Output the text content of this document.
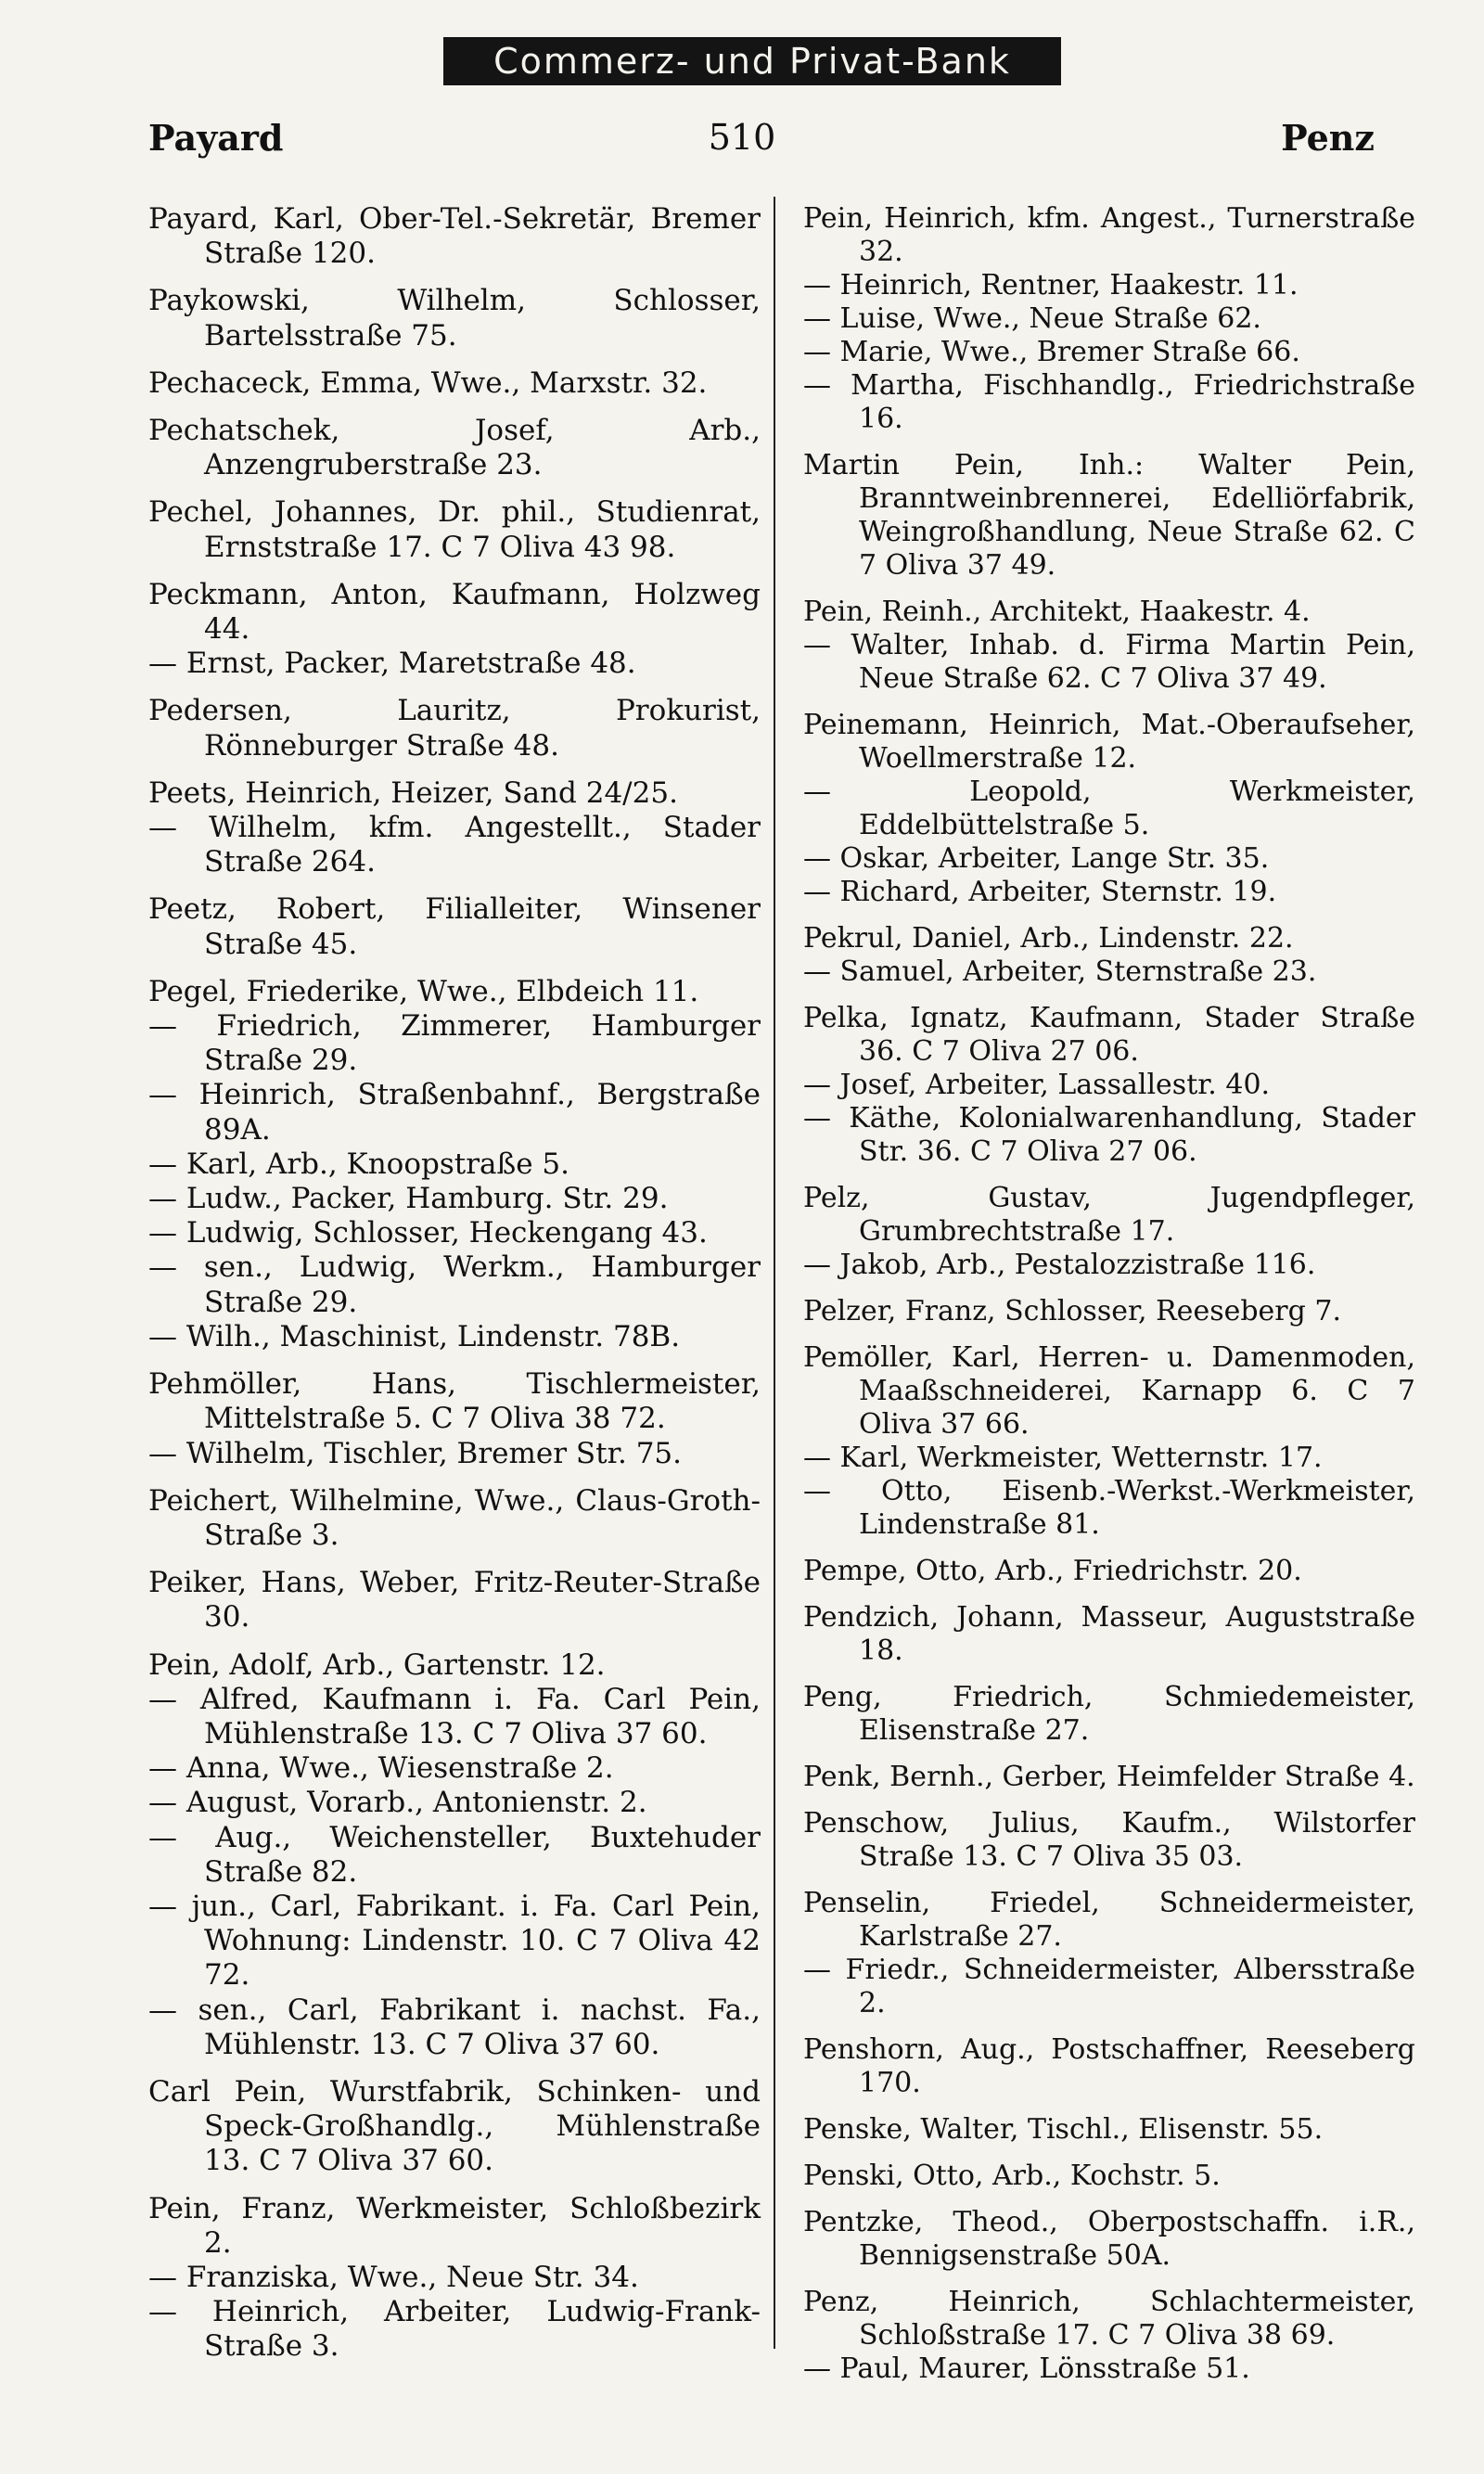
Commerz- und Privat-Bank
Payard	510	Penz

Payard, Karl, Ober-Tel.-Sekretär, Bremer Straße 120.

Paykowski, Wilhelm, Schlosser, Bartelsstraße 75.

Pechaceck, Emma, Wwe., Marxstr. 32.

Pechatschek, Josef, Arb., Anzengruberstraße 23.

Pechel, Johannes, Dr. phil., Studienrat, Ernststraße 17. C 7 Oliva 43 98.

Peckmann, Anton, Kaufmann, Holzweg 44.

— Ernst, Packer, Maretstraße 48.

Pedersen, Lauritz, Prokurist, Rönneburger Straße 48.

Peets, Heinrich, Heizer, Sand 24/25.

— Wilhelm, kfm. Angestellt., Stader Straße 264.

Peetz, Robert, Filialleiter, Winsener Straße 45.

Pegel, Friederike, Wwe., Elbdeich 11.

— Friedrich, Zimmerer, Hamburger Straße 29.

— Heinrich, Straßenbahnf., Bergstraße 89A.

— Karl, Arb., Knoopstraße 5.

— Ludw., Packer, Hamburg. Str. 29.

— Ludwig, Schlosser, Heckengang 43.

— sen., Ludwig, Werkm., Hamburger Straße 29.

— Wilh., Maschinist, Lindenstr. 78B.

Pehmöller, Hans, Tischlermeister, Mittelstraße 5. C 7 Oliva 38 72.

— Wilhelm, Tischler, Bremer Str. 75.

Peichert, Wilhelmine, Wwe., Claus-Groth-Straße 3.

Peiker, Hans, Weber, Fritz-Reuter-Straße 30.

Pein, Adolf, Arb., Gartenstr. 12.

— Alfred, Kaufmann i. Fa. Carl Pein, Mühlenstraße 13. C 7 Oliva 37 60.

— Anna, Wwe., Wiesenstraße 2.

— August, Vorarb., Antonienstr. 2.

— Aug., Weichensteller, Buxtehuder Straße 82.

— jun., Carl, Fabrikant. i. Fa. Carl Pein, Wohnung: Lindenstr. 10. C 7 Oliva 42 72.

— sen., Carl, Fabrikant i. nachst. Fa., Mühlenstr. 13. C 7 Oliva 37 60.

Carl Pein, Wurstfabrik, Schinken- und Speck-Großhandlg., Mühlenstraße 13. C 7 Oliva 37 60.

Pein, Franz, Werkmeister, Schloßbezirk 2.

— Franziska, Wwe., Neue Str. 34.

— Heinrich, Arbeiter, Ludwig-Frank-Straße 3.

Pein, Heinrich, kfm. Angest., Turnerstraße 32.

— Heinrich, Rentner, Haakestr. 11.

— Luise, Wwe., Neue Straße 62.

— Marie, Wwe., Bremer Straße 66.

— Martha, Fischhandlg., Friedrichstraße 16.

Martin Pein, Inh.: Walter Pein, Branntweinbrennerei, Edelliörfabrik, Weingroßhandlung, Neue Straße 62. C 7 Oliva 37 49.

Pein, Reinh., Architekt, Haakestr. 4.

— Walter, Inhab. d. Firma Martin Pein, Neue Straße 62. C 7 Oliva 37 49.

Peinemann, Heinrich, Mat.-Oberaufseher, Woellmerstraße 12.

— Leopold, Werkmeister, Eddelbüttelstraße 5.

— Oskar, Arbeiter, Lange Str. 35.

— Richard, Arbeiter, Sternstr. 19.

Pekrul, Daniel, Arb., Lindenstr. 22.

— Samuel, Arbeiter, Sternstraße 23.

Pelka, Ignatz, Kaufmann, Stader Straße 36. C 7 Oliva 27 06.

— Josef, Arbeiter, Lassallestr. 40.

— Käthe, Kolonialwarenhandlung, Stader Str. 36. C 7 Oliva 27 06.

Pelz, Gustav, Jugendpfleger, Grumbrechtstraße 17.

— Jakob, Arb., Pestalozzistraße 116.

Pelzer, Franz, Schlosser, Reeseberg 7.

Pemöller, Karl, Herren- u. Damenmoden, Maaßschneiderei, Karnapp 6. C 7 Oliva 37 66.

— Karl, Werkmeister, Wetternstr. 17.

— Otto, Eisenb.-Werkst.-Werkmeister, Lindenstraße 81.

Pempe, Otto, Arb., Friedrichstr. 20.

Pendzich, Johann, Masseur, Auguststraße 18.

Peng, Friedrich, Schmiedemeister, Elisenstraße 27.

Penk, Bernh., Gerber, Heimfelder Straße 4.

Penschow, Julius, Kaufm., Wilstorfer Straße 13. C 7 Oliva 35 03.

Penselin, Friedel, Schneidermeister, Karlstraße 27.

— Friedr., Schneidermeister, Albersstraße 2.

Penshorn, Aug., Postschaffner, Reeseberg 170.

Penske, Walter, Tischl., Elisenstr. 55.

Penski, Otto, Arb., Kochstr. 5.

Pentzke, Theod., Oberpostschaffn. i.R., Bennigsenstraße 50A.

Penz, Heinrich, Schlachtermeister, Schloßstraße 17. C 7 Oliva 38 69.

— Paul, Maurer, Lönsstraße 51.
